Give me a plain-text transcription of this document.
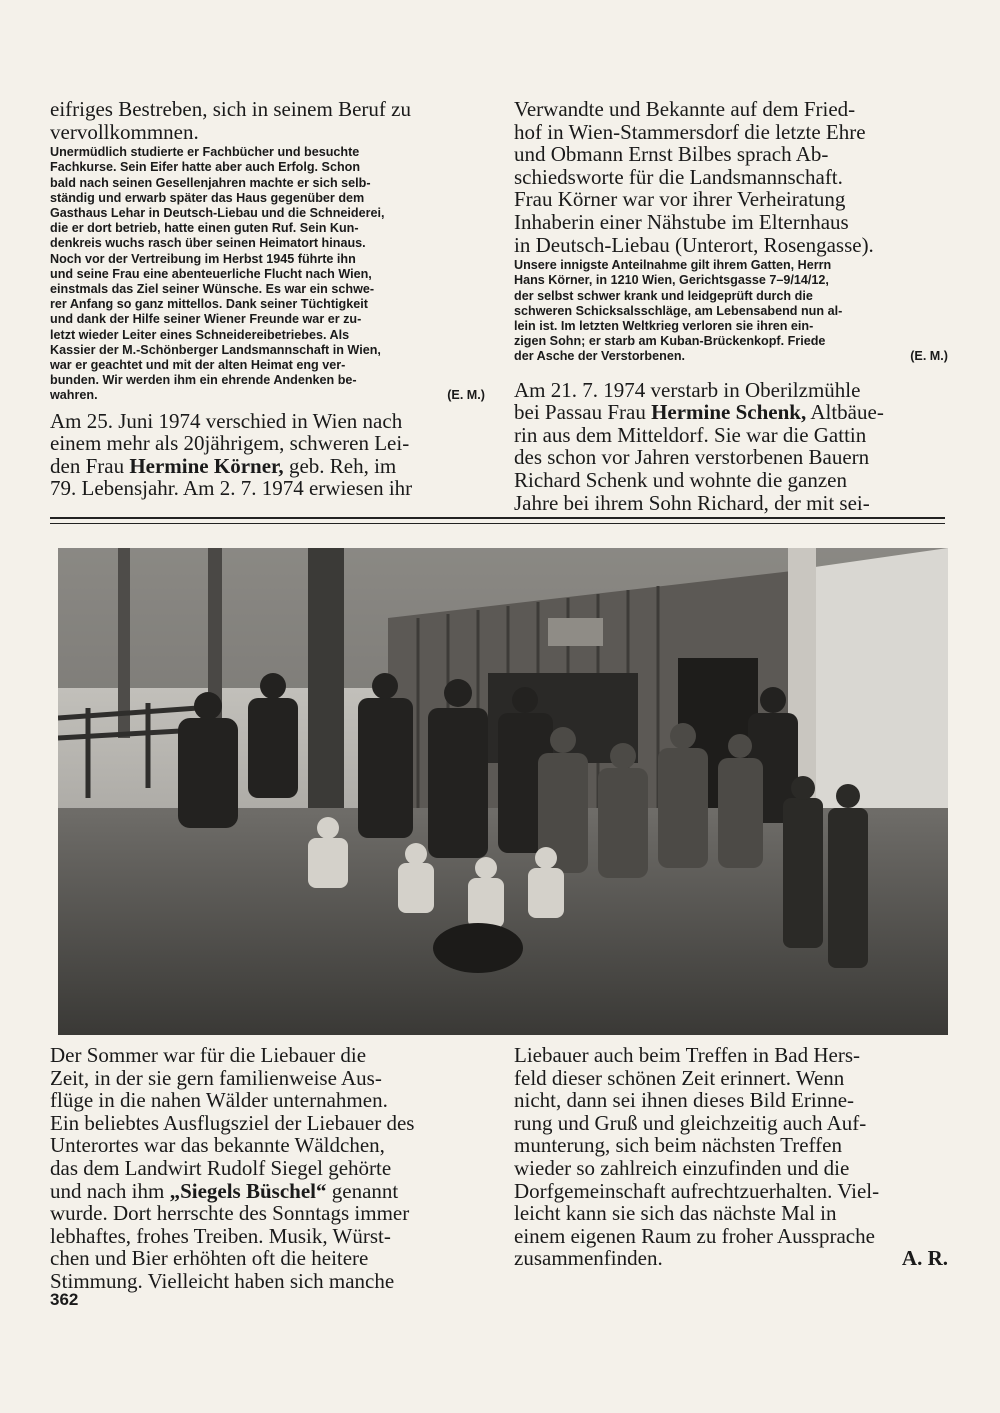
eifriges Bestreben, sich in seinem Beruf zu
vervollkommnen.
Unermüdlich studierte er Fachbücher und besuchte
Fachkurse. Sein Eifer hatte aber auch Erfolg. Schon
bald nach seinen Gesellenjahren machte er sich selb-
ständig und erwarb später das Haus gegenüber dem
Gasthaus Lehar in Deutsch-Liebau und die Schneiderei,
die er dort betrieb, hatte einen guten Ruf. Sein Kun-
denkreis wuchs rasch über seinen Heimatort hinaus.
Noch vor der Vertreibung im Herbst 1945 führte ihn
und seine Frau eine abenteuerliche Flucht nach Wien,
einstmals das Ziel seiner Wünsche. Es war ein schwe-
rer Anfang so ganz mittellos. Dank seiner Tüchtigkeit
und dank der Hilfe seiner Wiener Freunde war er zu-
letzt wieder Leiter eines Schneidereibetriebes. Als
Kassier der M.-Schönberger Landsmannschaft in Wien,
war er geachtet und mit der alten Heimat eng ver-
bunden. Wir werden ihm ein ehrende Andenken be-
wahren.	(E. M.)
Am 25. Juni 1974 verschied in Wien nach
einem mehr als 20jährigem, schweren Lei-
den Frau Hermine Körner, geb. Reh, im
79. Lebensjahr. Am 2. 7. 1974 erwiesen ihr
Verwandte und Bekannte auf dem Fried-
hof in Wien-Stammersdorf die letzte Ehre
und Obmann Ernst Bilbes sprach Ab-
schiedsworte für die Landsmannschaft.
Frau Körner war vor ihrer Verheiratung
Inhaberin einer Nähstube im Elternhaus
in Deutsch-Liebau (Unterort, Rosengasse).
Unsere innigste Anteilnahme gilt ihrem Gatten, Herrn
Hans Körner, in 1210 Wien, Gerichtsgasse 7–9/14/12,
der selbst schwer krank und leidgeprüft durch die
schweren Schicksalsschläge, am Lebensabend nun al-
lein ist. Im letzten Weltkrieg verloren sie ihren ein-
zigen Sohn; er starb am Kuban-Brückenkopf. Friede
der Asche der Verstorbenen.	(E. M.)
Am 21. 7. 1974 verstarb in Oberilzmühle
bei Passau Frau Hermine Schenk, Altbäue-
rin aus dem Mitteldorf. Sie war die Gattin
des schon vor Jahren verstorbenen Bauern
Richard Schenk und wohnte die ganzen
Jahre bei ihrem Sohn Richard, der mit sei-
Der Sommer war für die Liebauer die
Zeit, in der sie gern familienweise Aus-
flüge in die nahen Wälder unternahmen.
Ein beliebtes Ausflugsziel der Liebauer des
Unterortes war das bekannte Wäldchen,
das dem Landwirt Rudolf Siegel gehörte
und nach ihm „Siegels Büschel“ genannt
wurde. Dort herrschte des Sonntags immer
lebhaftes, frohes Treiben. Musik, Würst-
chen und Bier erhöhten oft die heitere
Stimmung. Vielleicht haben sich manche
Liebauer auch beim Treffen in Bad Hers-
feld dieser schönen Zeit erinnert. Wenn
nicht, dann sei ihnen dieses Bild Erinne-
rung und Gruß und gleichzeitig auch Auf-
munterung, sich beim nächsten Treffen
wieder so zahlreich einzufinden und die
Dorfgemeinschaft aufrechtzuerhalten. Viel-
leicht kann sie sich das nächste Mal in
einem eigenen Raum zu froher Aussprache
zusammenfinden.	A. R.
362
